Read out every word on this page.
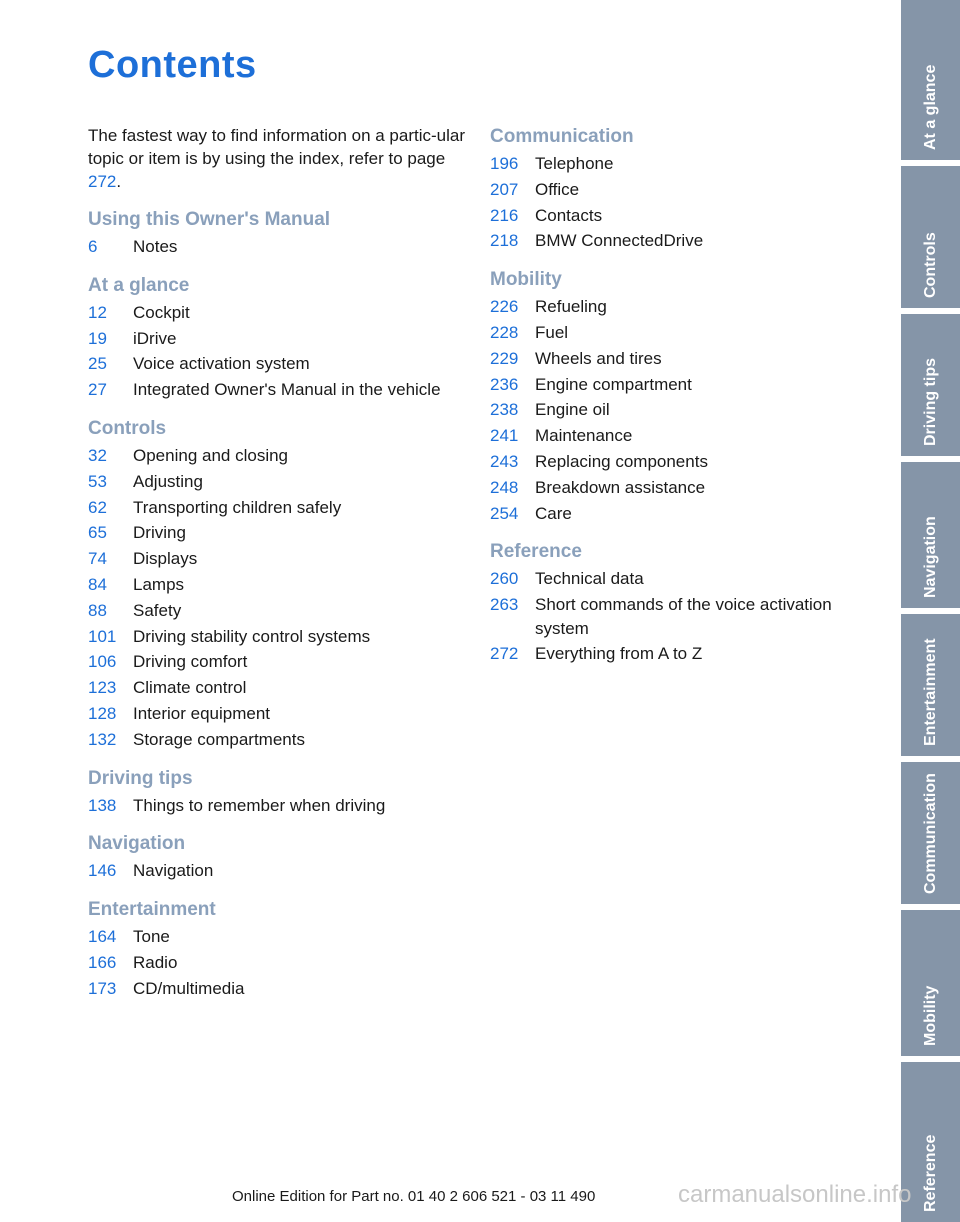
Contents

The fastest way to find information on a partic-ular topic or item is by using the index, refer to page 272.

Using this Owner's Manual
6	Notes
At a glance
12	Cockpit
19	iDrive
25	Voice activation system
27	Integrated Owner's Manual in the vehicle
Controls
32	Opening and closing
53	Adjusting
62	Transporting children safely
65	Driving
74	Displays
84	Lamps
88	Safety
101 Driving stability control systems
106 Driving comfort
123 Climate control
128 Interior equipment
132 Storage compartments
Driving tips
138 Things to remember when driving
Navigation
146 Navigation
Entertainment
164 Tone
166 Radio
173 CD/multimedia
Communication
196 Telephone
207 Office
216 Contacts
218 BMW ConnectedDrive
Mobility
226 Refueling
228 Fuel
229 Wheels and tires
236 Engine compartment
238 Engine oil
241 Maintenance
243 Replacing components
248 Breakdown assistance
254 Care
Reference
260 Technical data
263 Short commands of the voice activation system
272 Everything from A to Z
At a glance
Controls
Driving tips
Navigation
Entertainment
Communication
Mobility
Reference
Online Edition for Part no. 01 40 2 606 521 - 03 11 490	carmanualsonline.info
